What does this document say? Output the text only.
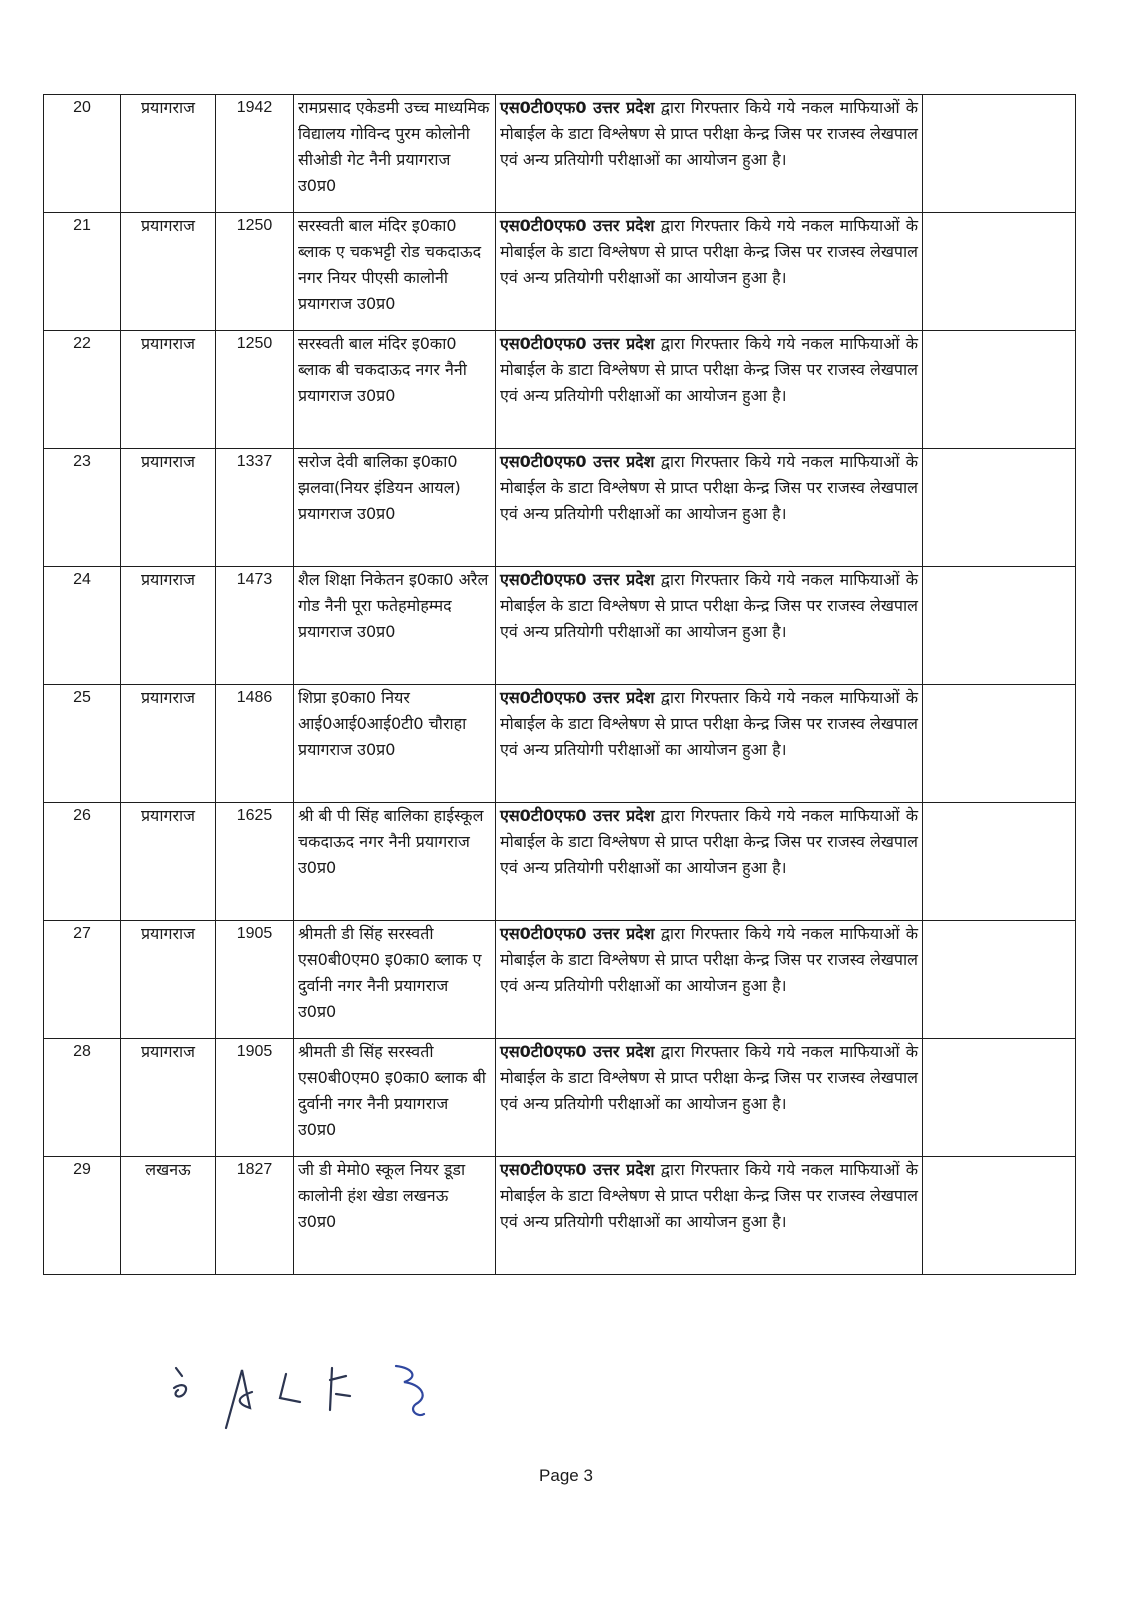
20	प्रयागराज	1942	रामप्रसाद एकेडमी उच्च माध्यमिक विद्यालय गोविन्द पुरम कोलोनी सीओडी गेट नैनी प्रयागराज उ0प्र0	एस0टी0एफ0 उत्तर प्रदेश द्वारा गिरफ्तार किये गये नकल माफियाओं के मोबाईल के डाटा विश्लेषण से प्राप्त परीक्षा केन्द्र जिस पर राजस्व लेखपाल एवं अन्य प्रतियोगी परीक्षाओं का आयोजन हुआ है।	
21	प्रयागराज	1250	सरस्वती बाल मंदिर इ0का0 ब्लाक ए चकभट्टी रोड चकदाऊद नगर नियर पीएसी कालोनी प्रयागराज उ0प्र0	एस0टी0एफ0 उत्तर प्रदेश द्वारा गिरफ्तार किये गये नकल माफियाओं के मोबाईल के डाटा विश्लेषण से प्राप्त परीक्षा केन्द्र जिस पर राजस्व लेखपाल एवं अन्य प्रतियोगी परीक्षाओं का आयोजन हुआ है।	
22	प्रयागराज	1250	सरस्वती बाल मंदिर इ0का0 ब्लाक बी चकदाऊद नगर नैनी प्रयागराज उ0प्र0	एस0टी0एफ0 उत्तर प्रदेश द्वारा गिरफ्तार किये गये नकल माफियाओं के मोबाईल के डाटा विश्लेषण से प्राप्त परीक्षा केन्द्र जिस पर राजस्व लेखपाल एवं अन्य प्रतियोगी परीक्षाओं का आयोजन हुआ है।	
23	प्रयागराज	1337	सरोज देवी बालिका इ0का0 झलवा(नियर इंडियन आयल) प्रयागराज उ0प्र0	एस0टी0एफ0 उत्तर प्रदेश द्वारा गिरफ्तार किये गये नकल माफियाओं के मोबाईल के डाटा विश्लेषण से प्राप्त परीक्षा केन्द्र जिस पर राजस्व लेखपाल एवं अन्य प्रतियोगी परीक्षाओं का आयोजन हुआ है।	
24	प्रयागराज	1473	शैल शिक्षा निकेतन इ0का0 अरैल गोड नैनी पूरा फतेहमोहम्मद प्रयागराज उ0प्र0	एस0टी0एफ0 उत्तर प्रदेश द्वारा गिरफ्तार किये गये नकल माफियाओं के मोबाईल के डाटा विश्लेषण से प्राप्त परीक्षा केन्द्र जिस पर राजस्व लेखपाल एवं अन्य प्रतियोगी परीक्षाओं का आयोजन हुआ है।	
25	प्रयागराज	1486	शिप्रा इ0का0 नियर आई0आई0आई0टी0 चौराहा प्रयागराज उ0प्र0	एस0टी0एफ0 उत्तर प्रदेश द्वारा गिरफ्तार किये गये नकल माफियाओं के मोबाईल के डाटा विश्लेषण से प्राप्त परीक्षा केन्द्र जिस पर राजस्व लेखपाल एवं अन्य प्रतियोगी परीक्षाओं का आयोजन हुआ है।	
26	प्रयागराज	1625	श्री बी पी सिंह बालिका हाईस्कूल चकदाऊद नगर नैनी प्रयागराज उ0प्र0	एस0टी0एफ0 उत्तर प्रदेश द्वारा गिरफ्तार किये गये नकल माफियाओं के मोबाईल के डाटा विश्लेषण से प्राप्त परीक्षा केन्द्र जिस पर राजस्व लेखपाल एवं अन्य प्रतियोगी परीक्षाओं का आयोजन हुआ है।	
27	प्रयागराज	1905	श्रीमती डी सिंह सरस्वती एस0बी0एम0 इ0का0 ब्लाक ए दुर्वानी नगर नैनी प्रयागराज उ0प्र0	एस0टी0एफ0 उत्तर प्रदेश द्वारा गिरफ्तार किये गये नकल माफियाओं के मोबाईल के डाटा विश्लेषण से प्राप्त परीक्षा केन्द्र जिस पर राजस्व लेखपाल एवं अन्य प्रतियोगी परीक्षाओं का आयोजन हुआ है।	
28	प्रयागराज	1905	श्रीमती डी सिंह सरस्वती एस0बी0एम0 इ0का0 ब्लाक बी दुर्वानी नगर नैनी प्रयागराज उ0प्र0	एस0टी0एफ0 उत्तर प्रदेश द्वारा गिरफ्तार किये गये नकल माफियाओं के मोबाईल के डाटा विश्लेषण से प्राप्त परीक्षा केन्द्र जिस पर राजस्व लेखपाल एवं अन्य प्रतियोगी परीक्षाओं का आयोजन हुआ है।	
29	लखनऊ	1827	जी डी मेमो0 स्कूल नियर डूडा कालोनी हंश खेडा लखनऊ उ0प्र0	एस0टी0एफ0 उत्तर प्रदेश द्वारा गिरफ्तार किये गये नकल माफियाओं के मोबाईल के डाटा विश्लेषण से प्राप्त परीक्षा केन्द्र जिस पर राजस्व लेखपाल एवं अन्य प्रतियोगी परीक्षाओं का आयोजन हुआ है।	
Page 3
